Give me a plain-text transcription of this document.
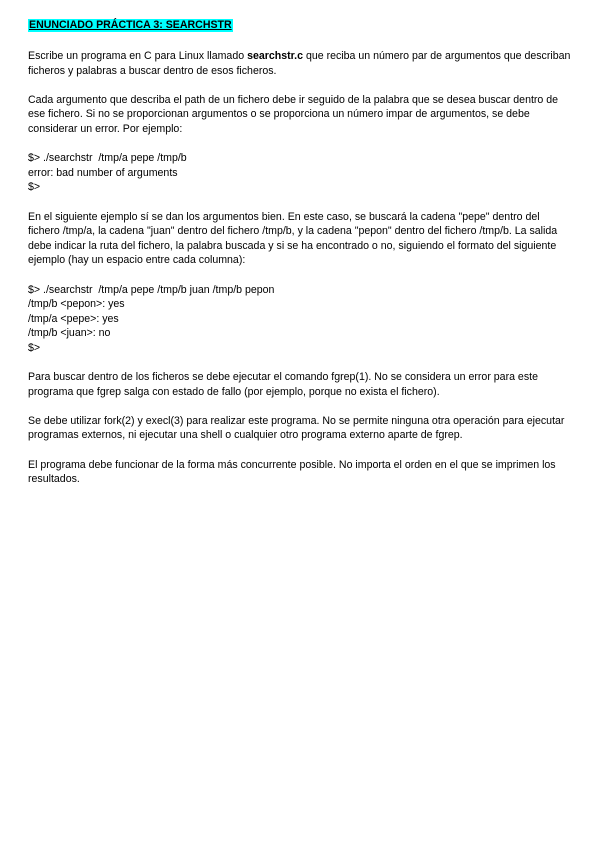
ENUNCIADO PRÁCTICA 3: SEARCHSTR

Escribe un programa en C para Linux llamado searchstr.c que reciba un número par de argumentos que describan ficheros y palabras a buscar dentro de esos ficheros.

Cada argumento que describa el path de un fichero debe ir seguido de la palabra que se desea buscar dentro de ese fichero. Si no se proporcionan argumentos o se proporciona un número impar de argumentos, se debe considerar un error. Por ejemplo:

$> ./searchstr  /tmp/a pepe /tmp/b
error: bad number of arguments
$>

En el siguiente ejemplo sí se dan los argumentos bien. En este caso, se buscará la cadena "pepe" dentro del fichero /tmp/a, la cadena "juan" dentro del fichero /tmp/b, y la cadena "pepon" dentro del fichero /tmp/b. La salida debe indicar la ruta del fichero, la palabra buscada y si se ha encontrado o no, siguiendo el formato del siguiente ejemplo (hay un espacio entre cada columna):

$> ./searchstr  /tmp/a pepe /tmp/b juan /tmp/b pepon
/tmp/b <pepon>: yes
/tmp/a <pepe>: yes
/tmp/b <juan>: no
$>

Para buscar dentro de los ficheros se debe ejecutar el comando fgrep(1). No se considera un error para este programa que fgrep salga con estado de fallo (por ejemplo, porque no exista el fichero).

Se debe utilizar fork(2) y execl(3) para realizar este programa. No se permite ninguna otra operación para ejecutar programas externos, ni ejecutar una shell o cualquier otro programa externo aparte de fgrep.

El programa debe funcionar de la forma más concurrente posible. No importa el orden en el que se imprimen los resultados.
